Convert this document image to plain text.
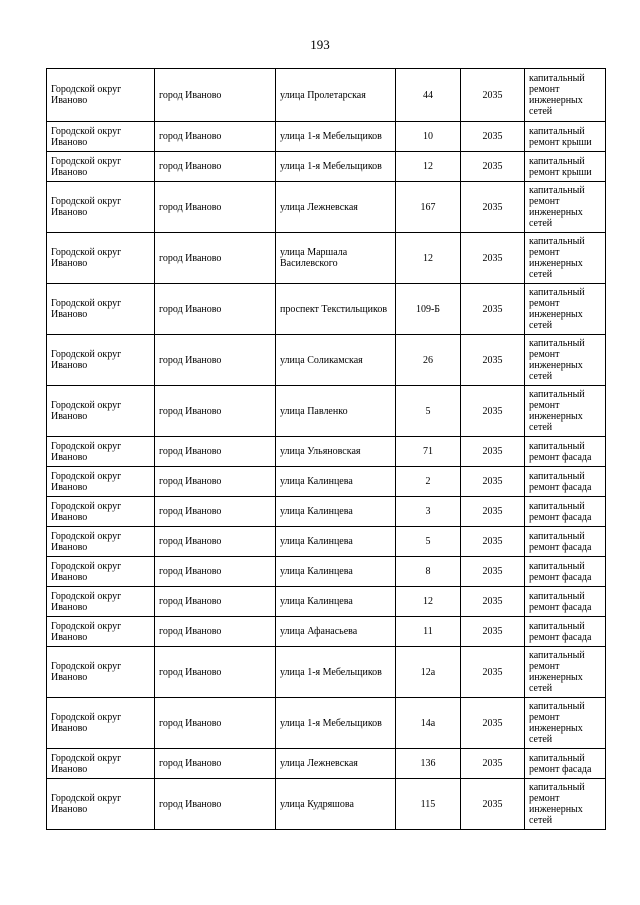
193
Городской округ Иваново	город Иваново	улица Пролетарская	44	2035	капитальный ремонт инженерных сетей
Городской округ Иваново	город Иваново	улица 1-я Мебельщиков	10	2035	капитальный ремонт крыши
Городской округ Иваново	город Иваново	улица 1-я Мебельщиков	12	2035	капитальный ремонт крыши
Городской округ Иваново	город Иваново	улица Лежневская	167	2035	капитальный ремонт инженерных сетей
Городской округ Иваново	город Иваново	улица Маршала Василевского	12	2035	капитальный ремонт инженерных сетей
Городской округ Иваново	город Иваново	проспект Текстильщиков	109-Б	2035	капитальный ремонт инженерных сетей
Городской округ Иваново	город Иваново	улица Соликамская	26	2035	капитальный ремонт инженерных сетей
Городской округ Иваново	город Иваново	улица Павленко	5	2035	капитальный ремонт инженерных сетей
Городской округ Иваново	город Иваново	улица Ульяновская	71	2035	капитальный ремонт фасада
Городской округ Иваново	город Иваново	улица Калинцева	2	2035	капитальный ремонт фасада
Городской округ Иваново	город Иваново	улица Калинцева	3	2035	капитальный ремонт фасада
Городской округ Иваново	город Иваново	улица Калинцева	5	2035	капитальный ремонт фасада
Городской округ Иваново	город Иваново	улица Калинцева	8	2035	капитальный ремонт фасада
Городской округ Иваново	город Иваново	улица Калинцева	12	2035	капитальный ремонт фасада
Городской округ Иваново	город Иваново	улица Афанасьева	11	2035	капитальный ремонт фасада
Городской округ Иваново	город Иваново	улица 1-я Мебельщиков	12а	2035	капитальный ремонт инженерных сетей
Городской округ Иваново	город Иваново	улица 1-я Мебельщиков	14а	2035	капитальный ремонт инженерных сетей
Городской округ Иваново	город Иваново	улица Лежневская	136	2035	капитальный ремонт фасада
Городской округ Иваново	город Иваново	улица Кудряшова	115	2035	капитальный ремонт инженерных сетей
